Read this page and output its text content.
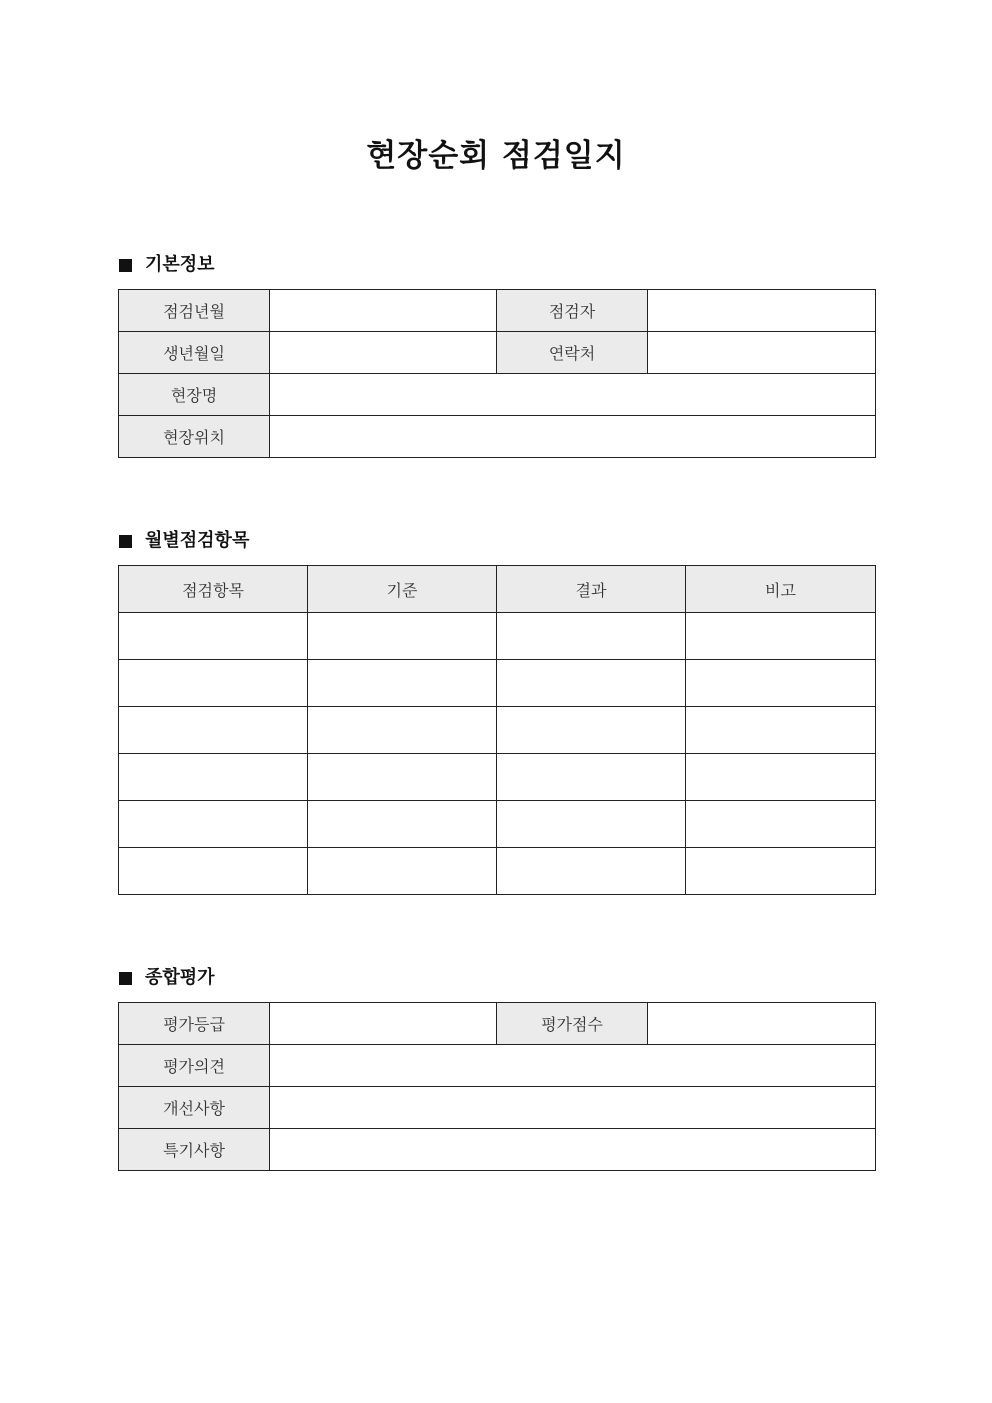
현장순회 점검일지
기본정보
점검년월		점검자	
생년월일		연락처	
현장명			
현장위치			
월별점검항목
점검항목	기준	결과	비고

종합평가
평가등급		평가점수	
평가의견			
개선사항			
특기사항			
